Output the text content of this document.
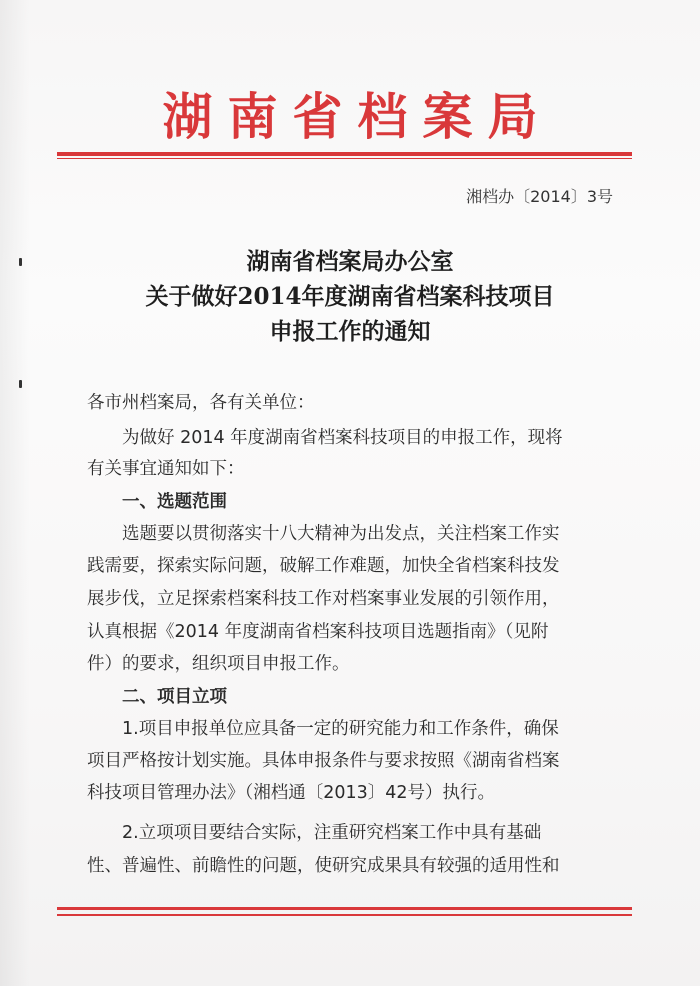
湖南省档案局
湘档办〔2014〕3号
湖南省档案局办公室
关于做好2014年度湖南省档案科技项目
申报工作的通知
各市州档案局，各有关单位：
为做好 2014 年度湖南省档案科技项目的申报工作，现将
有关事宜通知如下：
一、选题范围
选题要以贯彻落实十八大精神为出发点，关注档案工作实
践需要，探索实际问题，破解工作难题，加快全省档案科技发
展步伐，立足探索档案科技工作对档案事业发展的引领作用，
认真根据《2014 年度湖南省档案科技项目选题指南》（见附
件）的要求，组织项目申报工作。
二、项目立项
1.项目申报单位应具备一定的研究能力和工作条件，确保
项目严格按计划实施。具体申报条件与要求按照《湖南省档案
科技项目管理办法》（湘档通〔2013〕42号）执行。
2.立项项目要结合实际，注重研究档案工作中具有基础
性、普遍性、前瞻性的问题，使研究成果具有较强的适用性和
